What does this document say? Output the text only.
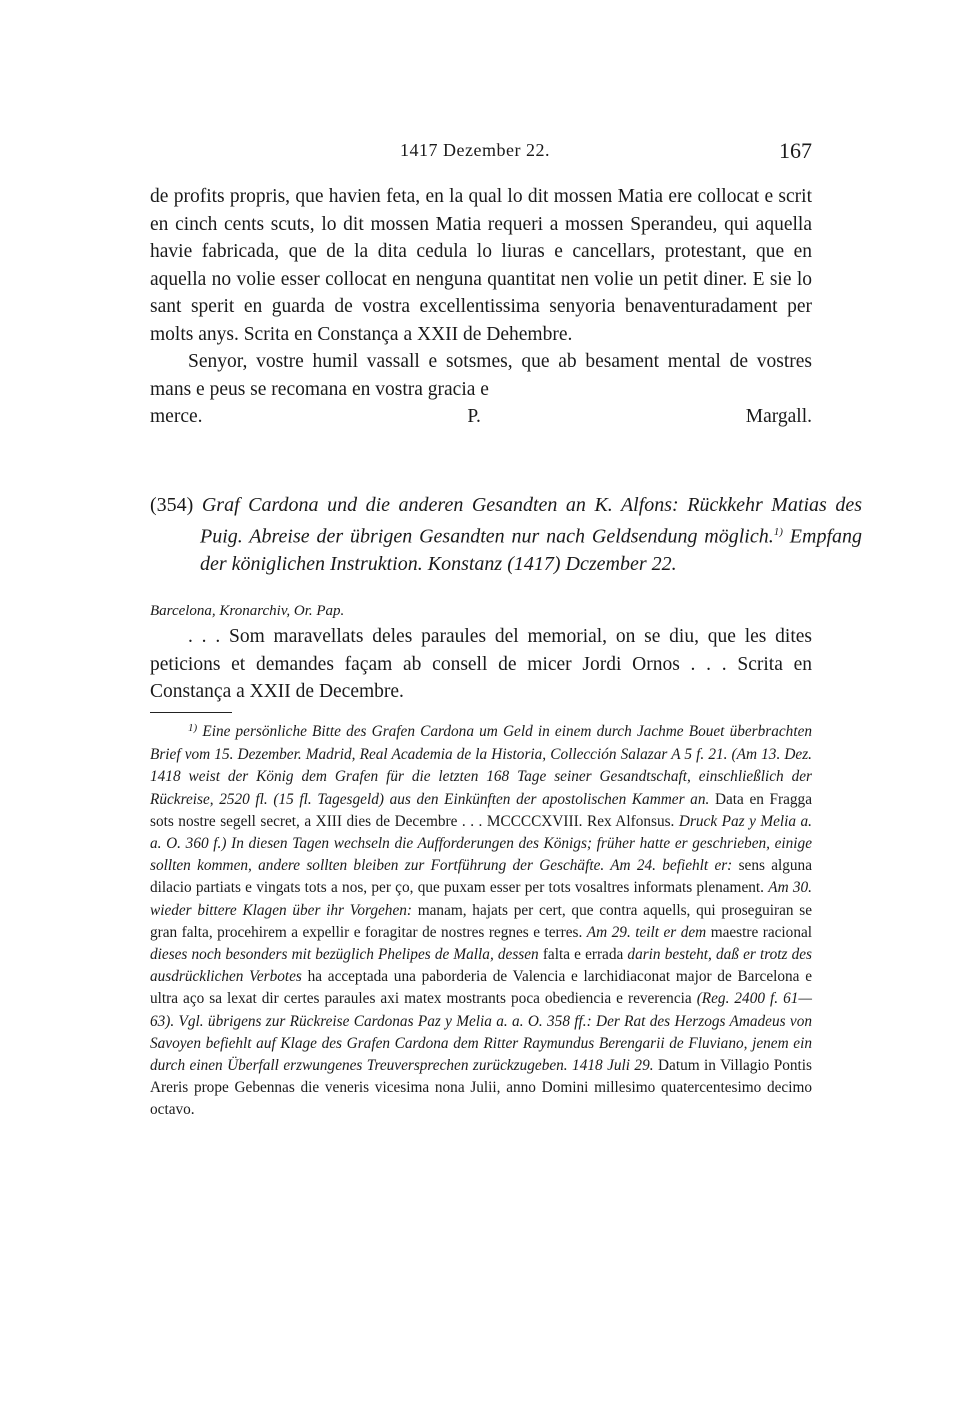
1417 Dezember 22.	167

de profits propris, que havien feta, en la qual lo dit mossen Matia ere collocat e scrit en cinch cents scuts, lo dit mossen Matia requeri a mossen Sperandeu, qui aquella havie fabricada, que de la dita cedula lo liuras e cancellars, protestant, que en aquella no volie esser collocat en nenguna quantitat nen volie un petit diner. E sie lo sant sperit en guarda de vostra excellentissima senyoria benaventuradament per molts anys. Scrita en Constança a XXII de Dehembre.

Senyor, vostre humil vassall e sotsmes, que ab besament mental de vostres mans e peus se recomana en vostra gracia e

merce.	P. Margall.

(354) Graf Cardona und die anderen Gesandten an K. Alfons: Rückkehr Matias des Puig. Abreise der übrigen Gesandten nur nach Geldsendung möglich.$^{1)}$ Empfang der königlichen Instruktion. Konstanz (1417) Dczember 22.
Barcelona, Kronarchiv, Or. Pap.

. . . Som maravellats deles paraules del memorial, on se diu, que les dites peticions et demandes façam ab consell de micer Jordi Ornos . . . Scrita en Constança a XXII de Decembre.

$^{1)}$ Eine persönliche Bitte des Grafen Cardona um Geld in einem durch Jachme Bouet überbrachten Brief vom 15. Dezember. Madrid, Real Academia de la Historia, Collección Salazar A 5 f. 21. (Am 13. Dez. 1418 weist der König dem Grafen für die letzten 168 Tage seiner Gesandtschaft, einschließlich der Rückreise, 2520 fl. (15 fl. Tagesgeld) aus den Einkünften der apostolischen Kammer an. Data en Fragga sots nostre segell secret, a XIII dies de Decembre . . . MCCCCXVIII. Rex Alfonsus. Druck Paz y Melia a. a. O. 360 f.) In diesen Tagen wechseln die Aufforderungen des Königs; früher hatte er geschrieben, einige sollten kommen, andere sollten bleiben zur Fortführung der Geschäfte. Am 24. befiehlt er: sens alguna dilacio partiats e vingats tots a nos, per ço, que puxam esser per tots vosaltres informats plenament. Am 30. wieder bittere Klagen über ihr Vorgehen: manam, hajats per cert, que contra aquells, qui proseguiran se gran falta, procehirem a expellir e foragitar de nostres regnes e terres. Am 29. teilt er dem maestre racional dieses noch besonders mit bezüglich Phelipes de Malla, dessen falta e errada darin besteht, daß er trotz des ausdrücklichen Verbotes ha acceptada una paborderia de Valencia e larchidiaconat major de Barcelona e ultra aço sa lexat dir certes paraules axi matex mostrants poca obediencia e reverencia (Reg. 2400 f. 61—63). Vgl. übrigens zur Rückreise Cardonas Paz y Melia a. a. O. 358 ff.: Der Rat des Herzogs Amadeus von Savoyen befiehlt auf Klage des Grafen Cardona dem Ritter Raymundus Berengarii de Fluviano, jenem ein durch einen Überfall erzwungenes Treuversprechen zurückzugeben. 1418 Juli 29. Datum in Villagio Pontis Areris prope Gebennas die veneris vicesima nona Julii, anno Domini millesimo quatercentesimo decimo octavo.
